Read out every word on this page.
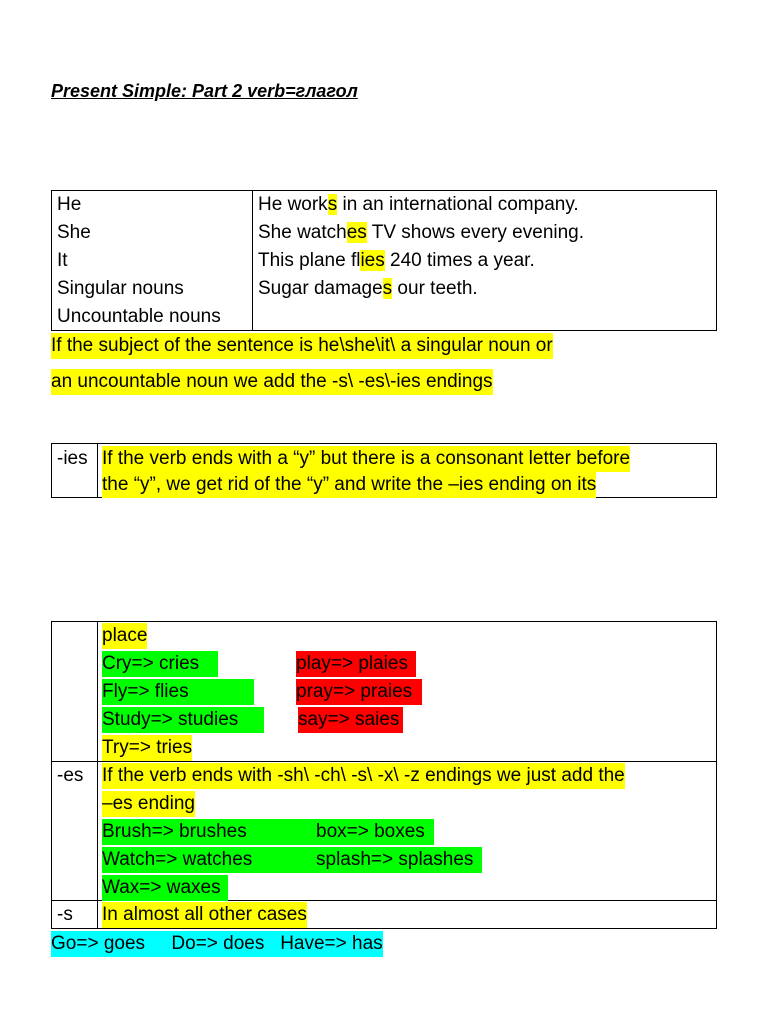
Present Simple: Part 2 verb=глагол
He
She
It
Singular nouns
Uncountable nouns
He works in an international company.
She watches TV shows every evening.
This plane flies 240 times a year.
Sugar damages our teeth.
If the subject of the sentence is he\she\it\ a singular noun or
an uncountable noun we add the -s\ -es\-ies endings
-ies If the verb ends with a “y” but there is a consonant letter before
the “y”, we get rid of the “y” and write the –ies ending on its
place
Cry=> cries
Fly=> flies
Study=> studies
Try=> tries
play=> plaies
pray=> praies
say=> saies
-es If the verb ends with -sh\ -ch\ -s\ -x\ -z endings we just add the
–es ending
Brush=> brushes
Watch=> watches
Wax=> waxes
box=> boxes
splash=> splashes
-s In almost all other cases
Go=> goes     Do=> does   Have=> has
